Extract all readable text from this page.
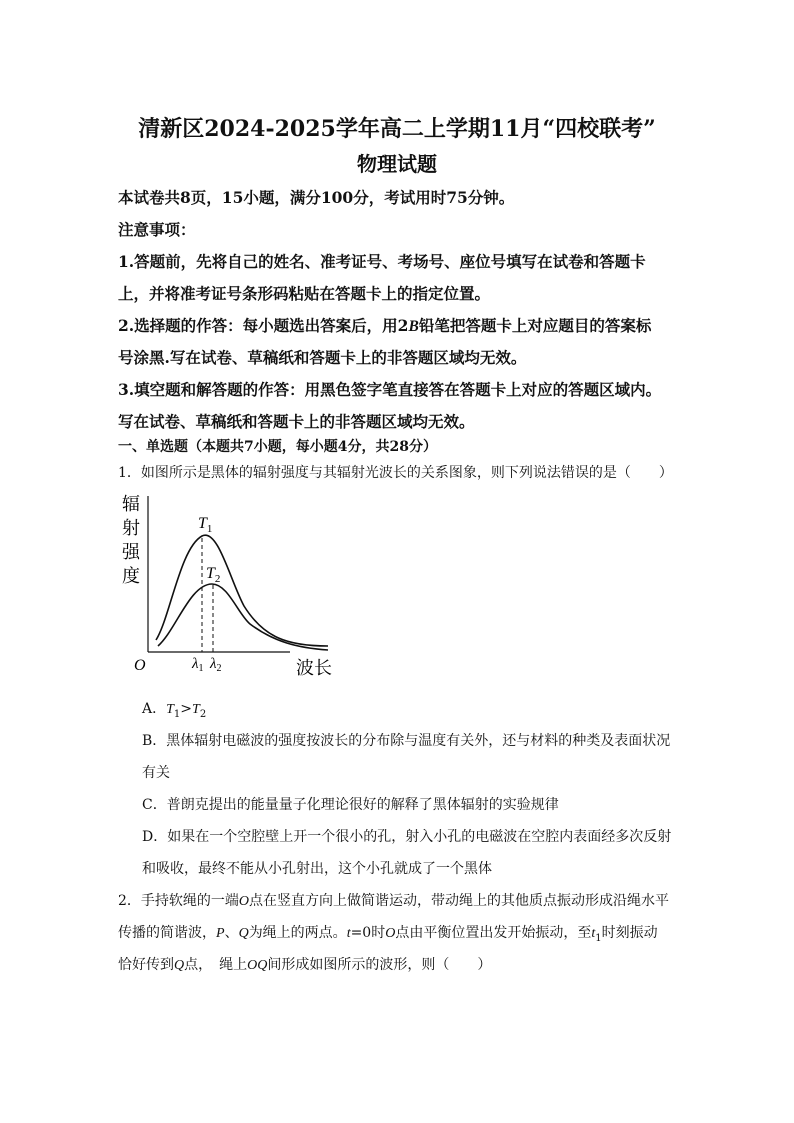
清新区2024-2025学年高二上学期11月“四校联考”
物理试题
本试卷共8页，15小题，满分100分，考试用时75分钟。
注意事项：
1.答题前，先将自己的姓名、准考证号、考场号、座位号填写在试卷和答题卡
上，并将准考证号条形码粘贴在答题卡上的指定位置。
2.选择题的作答：每小题选出答案后，用2B铅笔把答题卡上对应题目的答案标
号涂黑.写在试卷、草稿纸和答题卡上的非答题区域均无效。
3.填空题和解答题的作答：用黑色签字笔直接答在答题卡上对应的答题区域内。
写在试卷、草稿纸和答题卡上的非答题区域均无效。
一、单选题（本题共7小题，每小题4分，共28分）
1．如图所示是黑体的辐射强度与其辐射光波长的关系图象，则下列说法错误的是（　　）
辐
射
强
度
O	波长
$T_1$
$T_2$
$\lambda_1$ $\lambda_2$
A．$T_1>T_2$
B．黑体辐射电磁波的强度按波长的分布除与温度有关外，还与材料的种类及表面状况
有关
C．普朗克提出的能量量子化理论很好的解释了黑体辐射的实验规律
D．如果在一个空腔壁上开一个很小的孔，射入小孔的电磁波在空腔内表面经多次反射
和吸收，最终不能从小孔射出，这个小孔就成了一个黑体
2．手持软绳的一端O点在竖直方向上做简谐运动，带动绳上的其他质点振动形成沿绳水平
传播的简谐波，P、Q为绳上的两点。t=0时O点由平衡位置出发开始振动，至$t_1$时刻振动
恰好传到Q点，　绳上OQ间形成如图所示的波形，则（　　）
